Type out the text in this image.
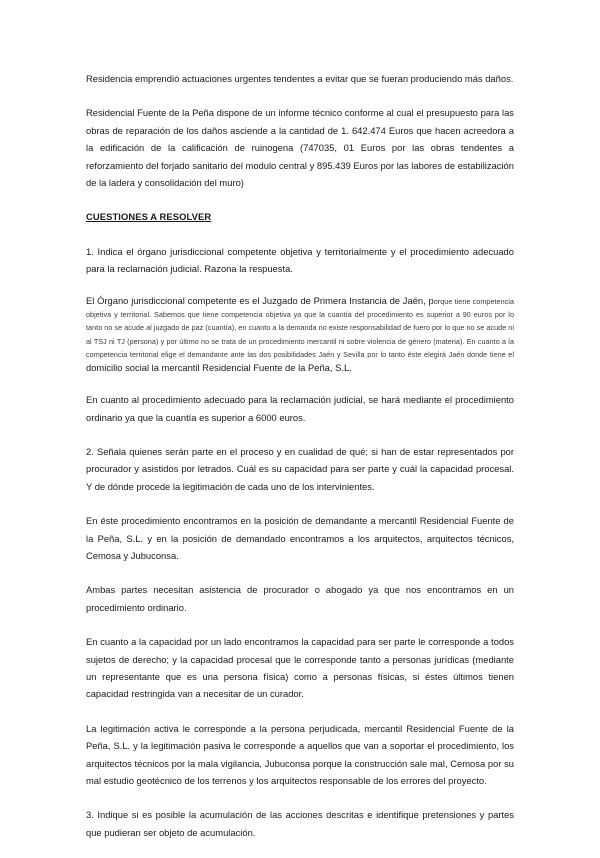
Residencia emprendió actuaciones urgentes tendentes a evitar que se fueran produciendo más daños.

Residencial Fuente de la Peña dispone de un informe técnico conforme al cual el presupuesto para las obras de reparación de los daños asciende a la cantidad de 1. 642.474 Euros que hacen acreedora a la edificación de la calificación de ruinogena (747035, 01 Euros por las obras tendentes a reforzamiento del forjado sanitario del modulo central y 895.439 Euros por las labores de estabilización de la ladera y consolidación del muro)

CUESTIONES A RESOLVER

1. Indica el órgano jurisdiccional competente objetiva y territorialmente y el procedimiento adecuado para la reclamación judicial. Razona la respuesta.

El Órgano jurisdiccional competente es el Juzgado de Primera Instancia de Jaén, porque tiene competencia objetiva y territorial. Sabemos que tiene competencia objetiva ya que la cuantía del procedimiento es superior a 90 euros por lo tanto no se acude al juzgado de paz (cuantía), en cuanto a la demanda no existe responsabilidad de fuero por lo que no se acude ni al TSJ ni TJ (persona) y por último no se trata de un procedimiento mercantil ni sobre violencia de género (materia). En cuanto a la competencia territorial elige el demandante ante las dos posibilidades Jaén y Sevilla por lo tanto éste elegirá Jaén donde tiene el domicilio social la mercantil Residencial Fuente de la Peña, S.L.

En cuanto al procedimiento adecuado para la reclamación judicial, se hará mediante el procedimiento ordinario ya que la cuantía es superior a 6000 euros.

2. Señala quienes serán parte en el proceso y en cualidad de qué; si han de estar representados por procurador y asistidos por letrados. Cuál es su capacidad para ser parte y cuál la capacidad procesal. Y de dónde procede la legitimación de cada uno de los intervinientes.

En éste procedimiento encontramos en la posición de demandante a mercantil Residencial Fuente de la Peña, S.L. y en la posición de demandado encontramos a los arquitectos, arquitectos técnicos, Cemosa y Jubuconsa.

Ambas partes necesitan asistencia de procurador o abogado ya que nos encontramos en un procedimiento ordinario.

En cuanto a la capacidad por un lado encontramos la capacidad para ser parte le corresponde a todos sujetos de derecho; y la capacidad procesal que le corresponde tanto a personas jurídicas (mediante un representante que es una persona física) como a personas físicas, si éstes últimos tienen capacidad restringida van a necesitar de un curador.

La legitimación activa le corresponde a la persona perjudicada, mercantil Residencial Fuente de la Peña, S.L. y la legitimación pasiva le corresponde a aquellos que van a soportar el procedimiento, los arquitectos técnicos por la mala vigilancia, Jubuconsa porque la construcción sale mal, Cemosa por su mal estudio geotécnico de los terrenos y los arquitectos responsable de los errores del proyecto.

3. Indique si es posible la acumulación de las acciones descritas e identifique pretensiones y partes que pudieran ser objeto de acumulación.
